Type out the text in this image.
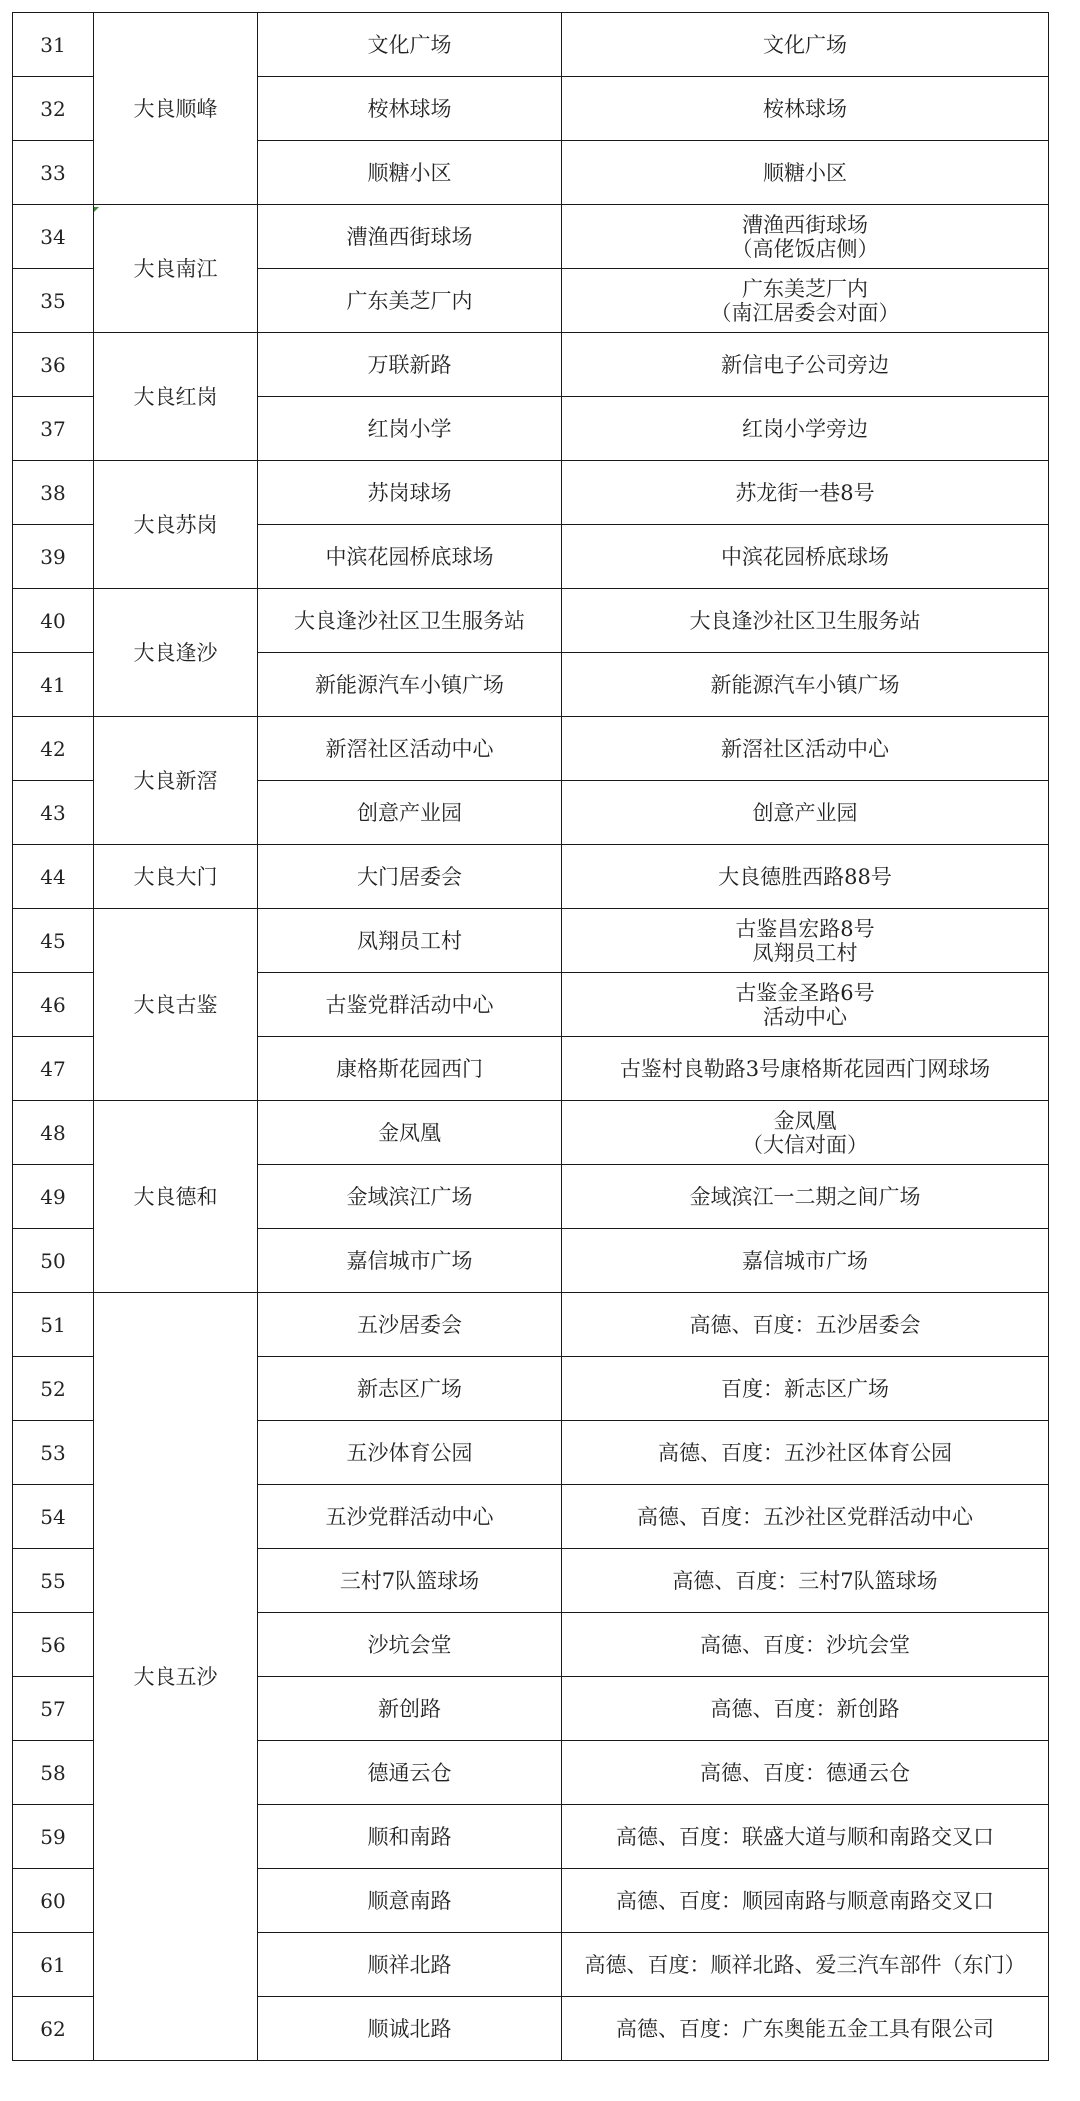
31	大良顺峰	文化广场	文化广场

32		桉林球场	桉林球场

33		顺糖小区	顺糖小区

34	大良南江	漕渔西街球场	漕渔西街球场
（高佬饭店侧）

35		广东美芝厂内	广东美芝厂内
（南江居委会对面）

36	大良红岗	万联新路	新信电子公司旁边

37		红岗小学	红岗小学旁边

38	大良苏岗	苏岗球场	苏龙街一巷8号

39		中滨花园桥底球场	中滨花园桥底球场

40	大良逢沙	大良逢沙社区卫生服务站	大良逢沙社区卫生服务站

41		新能源汽车小镇广场	新能源汽车小镇广场

42	大良新滘	新滘社区活动中心	新滘社区活动中心

43		创意产业园	创意产业园

44	大良大门	大门居委会	大良德胜西路88号

45	大良古鉴	凤翔员工村	古鉴昌宏路8号
凤翔员工村

46		古鉴党群活动中心	古鉴金圣路6号
活动中心

47		康格斯花园西门	古鉴村良勒路3号康格斯花园西门网球场

48	大良德和	金凤凰	金凤凰
（大信对面）

49		金域滨江广场	金域滨江一二期之间广场

50		嘉信城市广场	嘉信城市广场

51	大良五沙	五沙居委会	高德、百度：五沙居委会

52		新志区广场	百度：新志区广场

53		五沙体育公园	高德、百度：五沙社区体育公园

54		五沙党群活动中心	高德、百度：五沙社区党群活动中心

55		三村7队篮球场	高德、百度：三村7队篮球场

56		沙坑会堂	高德、百度：沙坑会堂

57		新创路	高德、百度：新创路

58		德通云仓	高德、百度：德通云仓

59		顺和南路	高德、百度：联盛大道与顺和南路交叉口

60		顺意南路	高德、百度：顺园南路与顺意南路交叉口

61		顺祥北路	高德、百度：顺祥北路、爱三汽车部件（东门）

62		顺诚北路	高德、百度：广东奥能五金工具有限公司
